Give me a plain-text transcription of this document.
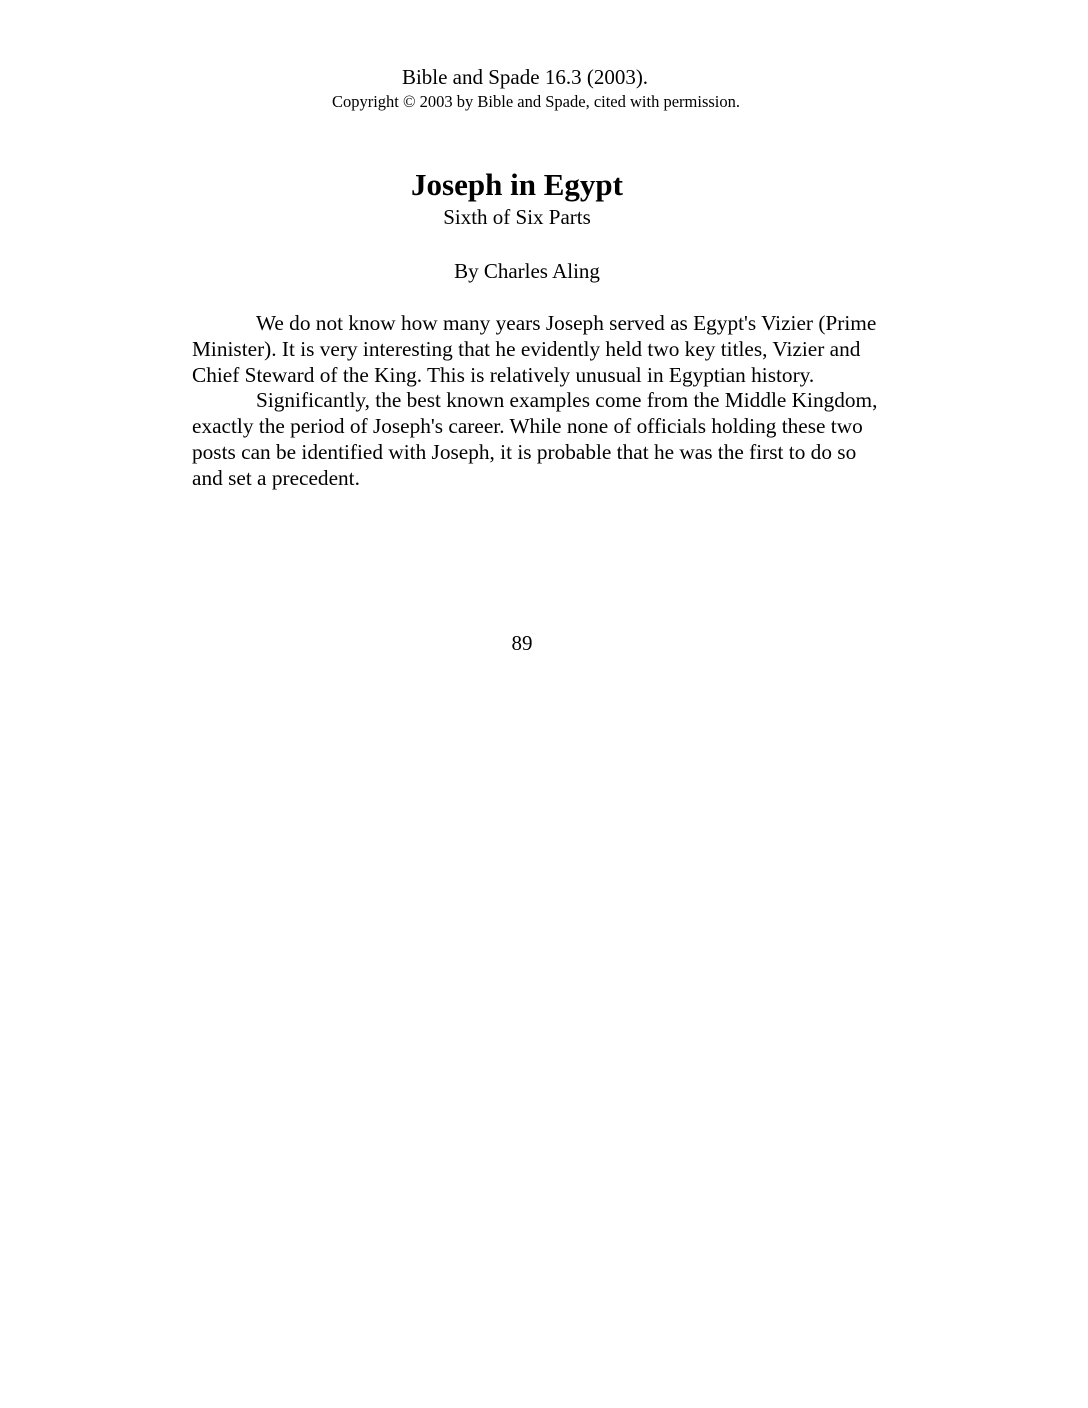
Bible and Spade 16.3 (2003).
Copyright © 2003 by Bible and Spade, cited with permission.
Joseph in Egypt
Sixth of Six Parts
By Charles Aling

We do not know how many years Joseph served as Egypt's Vizier (Prime Minister). It is very interesting that he evidently held two key titles, Vizier and Chief Steward of the King. This is relatively unusual in Egyptian history.

Significantly, the best known examples come from the Middle Kingdom, exactly the period of Joseph's career. While none of officials holding these two posts can be identified with Joseph, it is probable that he was the first to do so and set a precedent.

89
